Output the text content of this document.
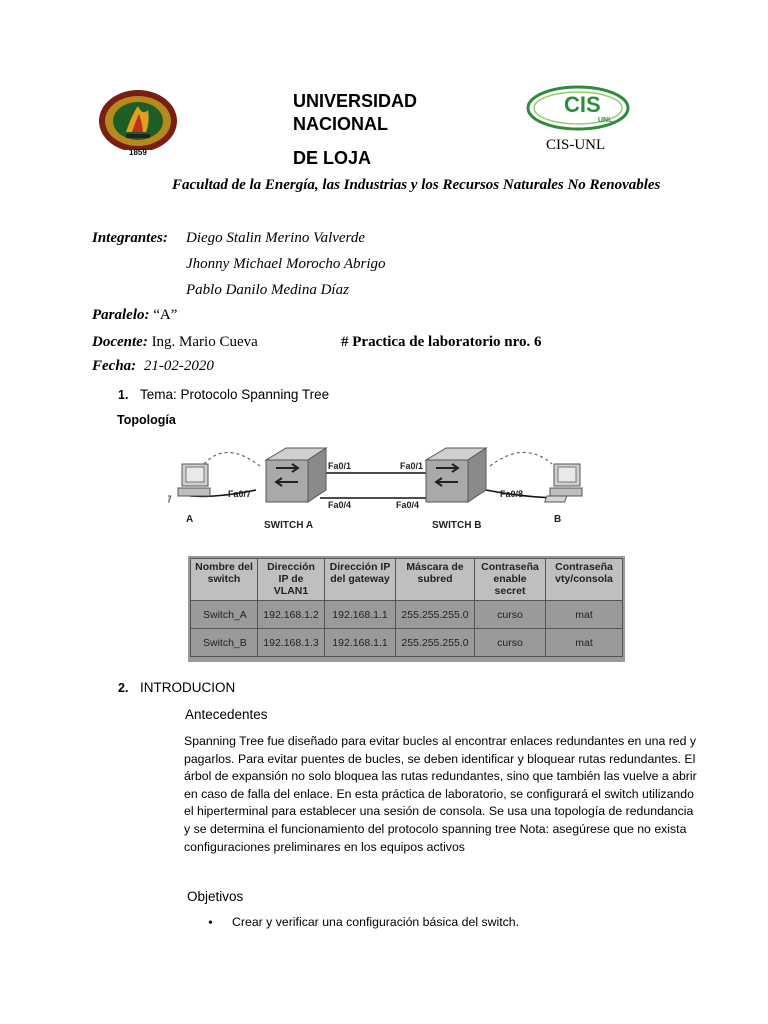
1859
UNIVERSIDAD
NACIONAL
DE LOJA
CIS
UNL
CIS-UNL
Facultad de la Energía, las Industrias y los Recursos Naturales No Renovables
Integrantes: Diego Stalin Merino Valverde
Jhonny Michael Morocho Abrigo
Pablo Danilo Medina Díaz
Paralelo: “A”
Docente: Ing. Mario Cueva	# Practica de laboratorio nro. 6
Fecha: 21-02-2020
1. Tema: Protocolo Spanning Tree
Topología
Fa0/7
Fa0/1
Fa0/4
Fa0/1
Fa0/4
Fa0/8
SWITCH A	SWITCH B
A	B
Nombre del switch	Dirección IP de VLAN1	Dirección IP del gateway	Máscara de subred	Contraseña enable secret	Contraseña vty/consola
Switch_A	192.168.1.2	192.168.1.1	255.255.255.0	curso	mat
Switch_B	192.168.1.3	192.168.1.1	255.255.255.0	curso	mat
2. INTRODUCION
Antecedentes
Spanning Tree fue diseñado para evitar bucles al encontrar enlaces redundantes en una red y pagarlos. Para evitar puentes de bucles, se deben identificar y bloquear rutas redundantes. El árbol de expansión no solo bloquea las rutas redundantes, sino que también las vuelve a abrir en caso de falla del enlace. En esta práctica de laboratorio, se configurará el switch utilizando el hiperterminal para establecer una sesión de consola. Se usa una topología de redundancia y se determina el funcionamiento del protocolo spanning tree Nota: asegúrese que no exista configuraciones preliminares en los equipos activos
Objetivos
• Crear y verificar una configuración básica del switch.
